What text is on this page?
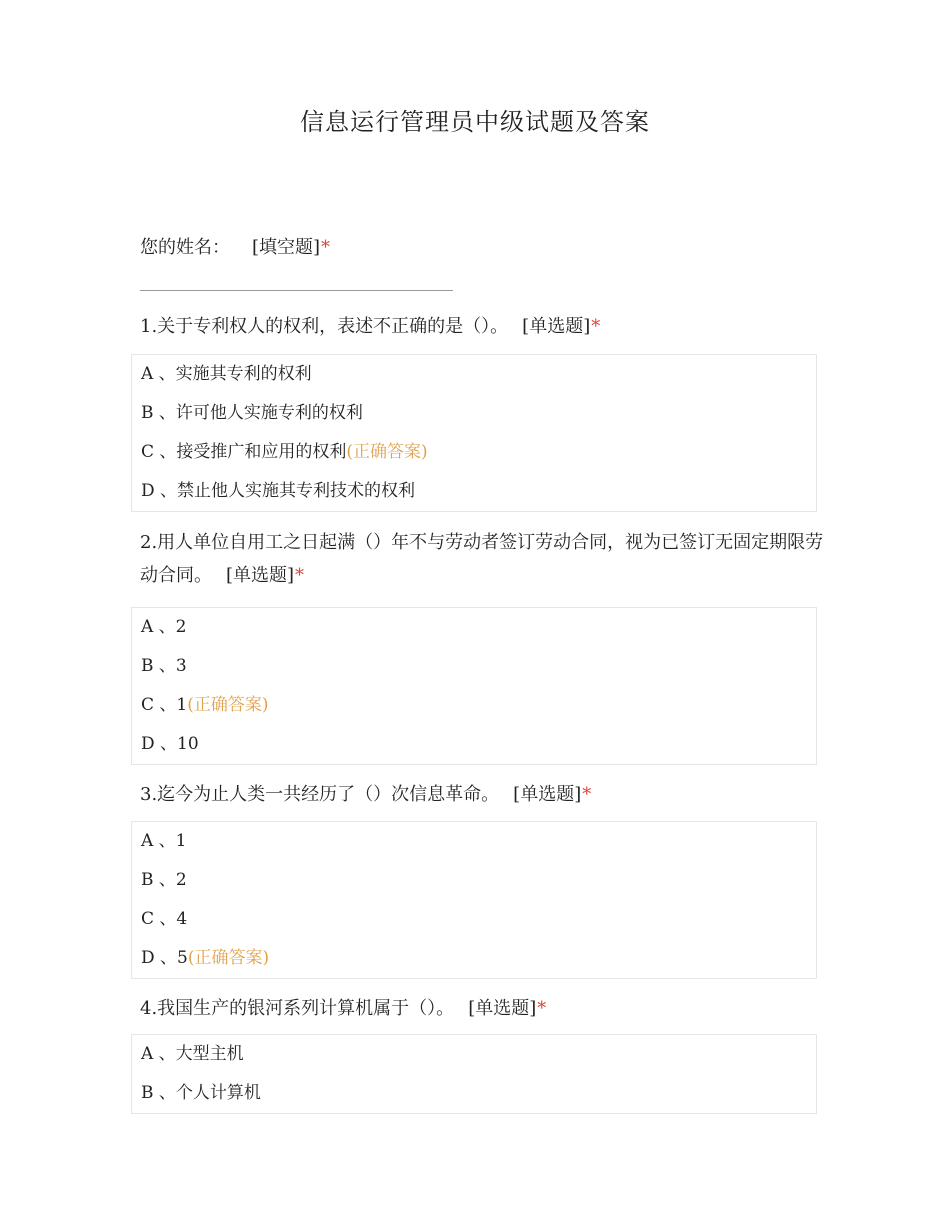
信息运行管理员中级试题及答案
您的姓名： [填空题]*
1.关于专利权人的权利，表述不正确的是（）。 [单选题]*
A 、实施其专利的权利
B 、许可他人实施专利的权利
C 、接受推广和应用的权利(正确答案)
D 、禁止他人实施其专利技术的权利
2.用人单位自用工之日起满（）年不与劳动者签订劳动合同，视为已签订无固定期限劳动合同。 [单选题]*
A 、2
B 、3
C 、1(正确答案)
D 、10
3.迄今为止人类一共经历了（）次信息革命。 [单选题]*
A 、1
B 、2
C 、4
D 、5(正确答案)
4.我国生产的银河系列计算机属于（）。 [单选题]*
A 、大型主机
B 、个人计算机
